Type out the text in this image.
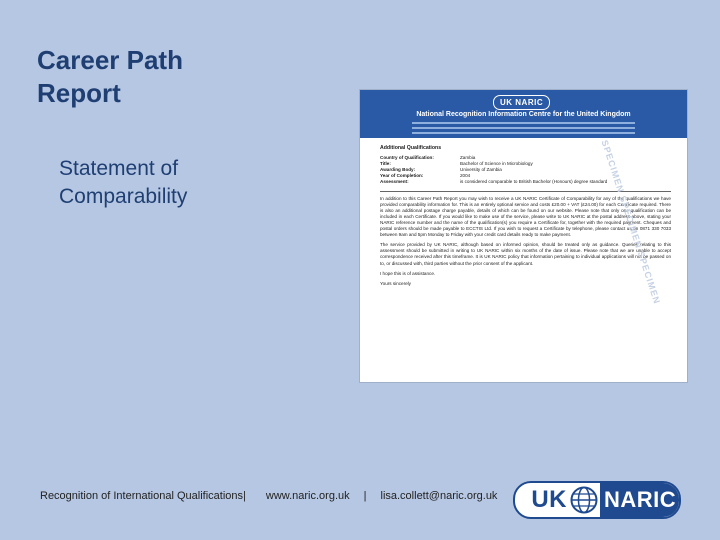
Career Path Report
Statement of Comparability
UK NARIC
National Recognition Information Centre for the United Kingdom
Additional Qualifications
Country of Qualification:	Zambia
Title:	Bachelor of Science in Microbiology
Awarding Body:	University of Zambia
Year of Completion:	2004
Assessment:	is considered comparable to British Bachelor (Honours) degree standard

In addition to this Career Path Report you may wish to receive a UK NARIC Certificate of Comparability for any of the qualifications we have provided comparability information for. This is an entirely optional service and costs £20.00 + VAT (£24.00) for each Certificate required. There is also an additional postage charge payable, details of which can be found on our website. Please note that only one qualification can be included in each Certificate. If you would like to make use of the service, please write to UK NARIC at the postal address above, stating your NARIC reference number and the name of the qualification(s) you require a Certificate for, together with the required payment. Cheques and postal orders should be made payable to ECCTIS Ltd. If you wish to request a Certificate by telephone, please contact us on 0871 330 7033 between 9am and 5pm Monday to Friday with your credit card details ready to make payment.

The service provided by UK NARIC, although based on informed opinion, should be treated only as guidance. Queries relating to this assessment should be submitted in writing to UK NARIC within six months of the date of issue. Please note that we are unable to accept correspondence received after this timeframe. It is UK NARIC policy that information pertaining to individual applications will not be passed on to, or discussed with, third parties without the prior consent of the applicant.

I hope this is of assistance.

Yours sincerely	SPECIMEN SPECIMEN SPECIMEN
Recognition of International Qualifications | www.naric.org.uk | lisa.collett@naric.org.uk	UK NARIC
